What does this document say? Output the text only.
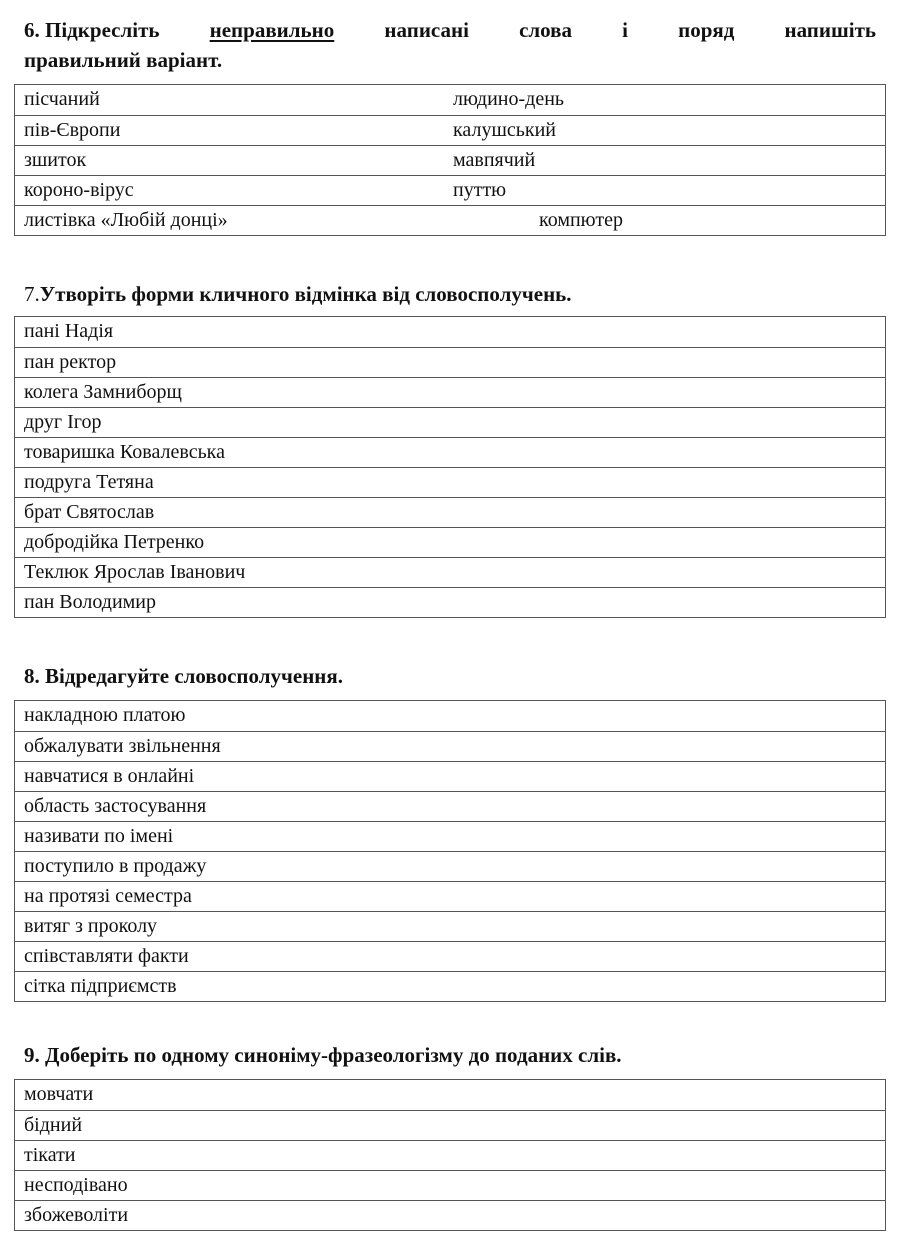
6. Підкресліть неправильно написані слова і поряд напишіть
правильний варіант.
пісчаний	людино-день
пів-Європи	калушський
зшиток	мавпячий
короно-вірус	путтю
листівка «Любій донці»	компютер
7.Утворіть форми кличного відмінка від словосполучень.
пані Надія
пан ректор
колега Замниборщ
друг Ігор
товаришка Ковалевська
подруга Тетяна
брат Святослав
добродійка Петренко
Теклюк Ярослав Іванович
пан Володимир
8. Відредагуйте словосполучення.
накладною платою
обжалувати звільнення
навчатися в онлайні
область застосування
називати по імені
поступило в продажу
на протязі семестра
витяг з проколу
співставляти факти
сітка підприємств
9. Доберіть по одному синоніму-фразеологізму до поданих слів.
мовчати
бідний
тікати
несподівано
збожеволіти
